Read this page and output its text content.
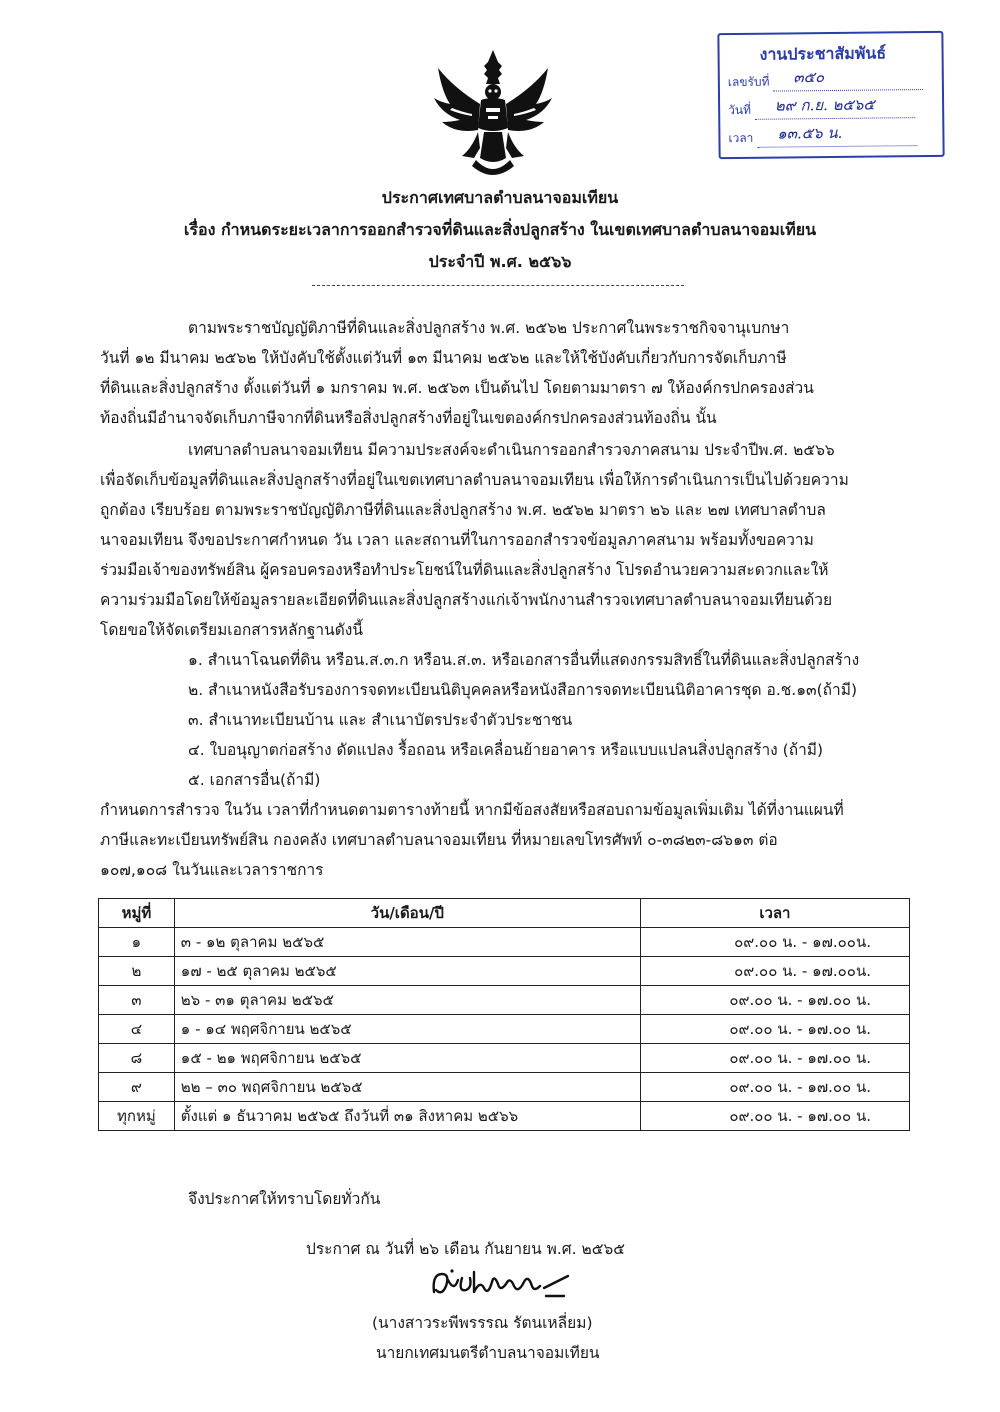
งานประชาสัมพันธ์
เลขรับที่ ๓๕๐
วันที่ ๒๙ ก.ย. ๒๕๖๕
เวลา ๑๓.๕๖ น.
ประกาศเทศบาลตำบลนาจอมเทียน
เรื่อง กำหนดระยะเวลาการออกสำรวจที่ดินและสิ่งปลูกสร้าง ในเขตเทศบาลตำบลนาจอมเทียน
ประจำปี พ.ศ. ๒๕๖๖
ตามพระราชบัญญัติภาษีที่ดินและสิ่งปลูกสร้าง พ.ศ. ๒๕๖๒ ประกาศในพระราชกิจจานุเบกษา
วันที่ ๑๒ มีนาคม ๒๕๖๒ ให้บังคับใช้ตั้งแต่วันที่ ๑๓ มีนาคม ๒๕๖๒ และให้ใช้บังคับเกี่ยวกับการจัดเก็บภาษี
ที่ดินและสิ่งปลูกสร้าง ตั้งแต่วันที่ ๑ มกราคม พ.ศ. ๒๕๖๓ เป็นต้นไป โดยตามมาตรา ๗ ให้องค์กรปกครองส่วน
ท้องถิ่นมีอำนาจจัดเก็บภาษีจากที่ดินหรือสิ่งปลูกสร้างที่อยู่ในเขตองค์กรปกครองส่วนท้องถิ่น นั้น
เทศบาลตำบลนาจอมเทียน มีความประสงค์จะดำเนินการออกสำรวจภาคสนาม ประจำปีพ.ศ. ๒๕๖๖
เพื่อจัดเก็บข้อมูลที่ดินและสิ่งปลูกสร้างที่อยู่ในเขตเทศบาลตำบลนาจอมเทียน เพื่อให้การดำเนินการเป็นไปด้วยความ
ถูกต้อง เรียบร้อย ตามพระราชบัญญัติภาษีที่ดินและสิ่งปลูกสร้าง พ.ศ. ๒๕๖๒ มาตรา ๒๖ และ ๒๗ เทศบาลตำบล
นาจอมเทียน จึงขอประกาศกำหนด วัน เวลา และสถานที่ในการออกสำรวจข้อมูลภาคสนาม พร้อมทั้งขอความ
ร่วมมือเจ้าของทรัพย์สิน ผู้ครอบครองหรือทำประโยชน์ในที่ดินและสิ่งปลูกสร้าง โปรดอำนวยความสะดวกและให้
ความร่วมมือโดยให้ข้อมูลรายละเอียดที่ดินและสิ่งปลูกสร้างแก่เจ้าพนักงานสำรวจเทศบาลตำบลนาจอมเทียนด้วย
โดยขอให้จัดเตรียมเอกสารหลักฐานดังนี้
๑. สำเนาโฉนดที่ดิน หรือน.ส.๓.ก หรือน.ส.๓. หรือเอกสารอื่นที่แสดงกรรมสิทธิ์ในที่ดินและสิ่งปลูกสร้าง
๒. สำเนาหนังสือรับรองการจดทะเบียนนิติบุคคลหรือหนังสือการจดทะเบียนนิติอาคารชุด อ.ช.๑๓(ถ้ามี)
๓. สำเนาทะเบียนบ้าน และ สำเนาบัตรประจำตัวประชาชน
๔. ใบอนุญาตก่อสร้าง ดัดแปลง รื้อถอน หรือเคลื่อนย้ายอาคาร หรือแบบแปลนสิ่งปลูกสร้าง (ถ้ามี)
๕. เอกสารอื่น(ถ้ามี)
กำหนดการสำรวจ ในวัน เวลาที่กำหนดตามตารางท้ายนี้ หากมีข้อสงสัยหรือสอบถามข้อมูลเพิ่มเติม ได้ที่งานแผนที่
ภาษีและทะเบียนทรัพย์สิน กองคลัง เทศบาลตำบลนาจอมเทียน ที่หมายเลขโทรศัพท์ ๐-๓๘๒๓-๘๖๑๓ ต่อ
๑๐๗,๑๐๘ ในวันและเวลาราชการ
หมู่ที่	วัน/เดือน/ปี	เวลา
๑	๓ - ๑๒ ตุลาคม ๒๕๖๕	๐๙.๐๐ น. - ๑๗.๐๐น.
๒	๑๗ - ๒๕ ตุลาคม ๒๕๖๕	๐๙.๐๐ น. - ๑๗.๐๐น.
๓	๒๖ - ๓๑ ตุลาคม ๒๕๖๕	๐๙.๐๐ น. - ๑๗.๐๐ น.
๔	๑ - ๑๔ พฤศจิกายน ๒๕๖๕	๐๙.๐๐ น. - ๑๗.๐๐ น.
๘	๑๕ - ๒๑ พฤศจิกายน ๒๕๖๕	๐๙.๐๐ น. - ๑๗.๐๐ น.
๙	๒๒ – ๓๐ พฤศจิกายน ๒๕๖๕	๐๙.๐๐ น. - ๑๗.๐๐ น.
ทุกหมู่	ตั้งแต่ ๑ ธันวาคม ๒๕๖๕ ถึงวันที่ ๓๑ สิงหาคม ๒๕๖๖	๐๙.๐๐ น. - ๑๗.๐๐ น.
จึงประกาศให้ทราบโดยทั่วกัน
ประกาศ ณ วันที่ ๒๖ เดือน กันยายน พ.ศ. ๒๕๖๕
(นางสาวระพีพรรรณ รัตนเหลี่ยม)
นายกเทศมนตรีตำบลนาจอมเทียน
